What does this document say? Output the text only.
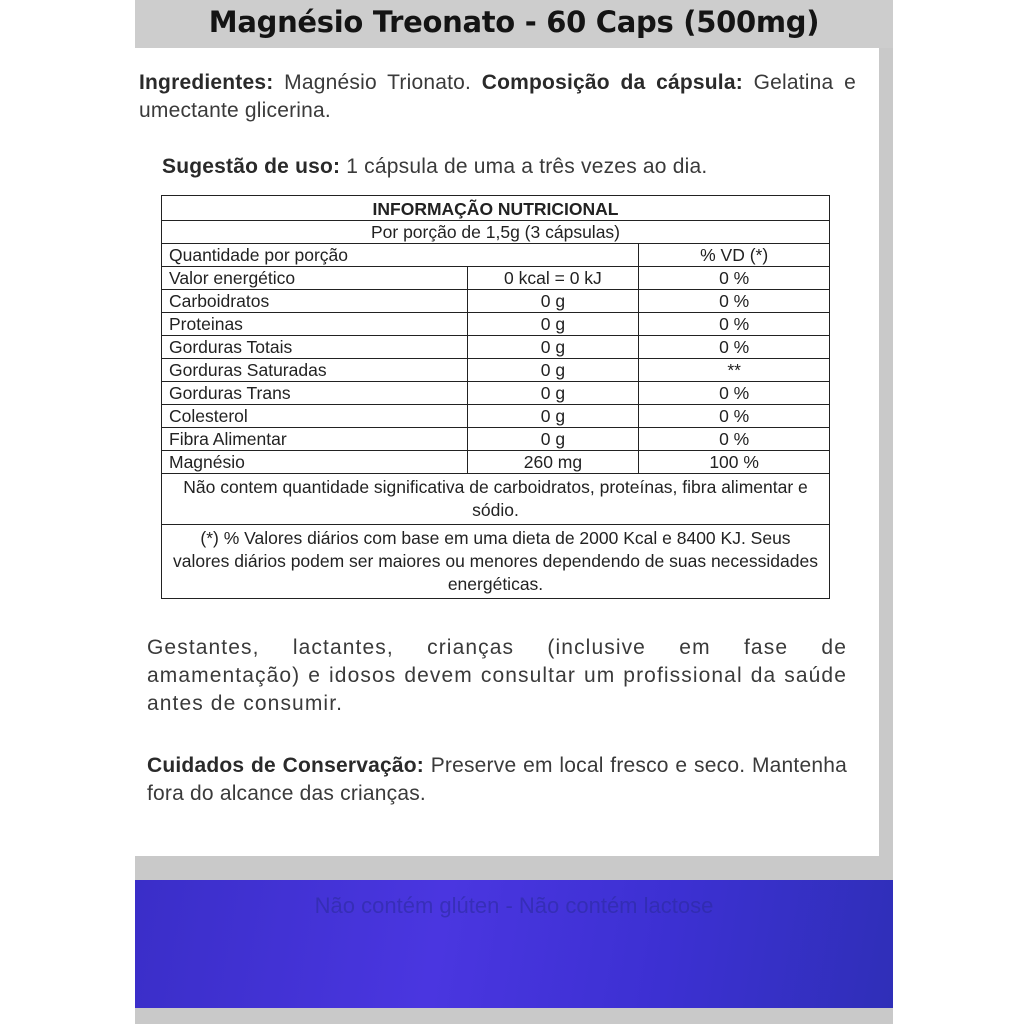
Magnésio Treonato - 60 Caps (500mg)
Ingredientes: Magnésio Trionato. Composição da cápsula: Gelatina e umectante glicerina.
Sugestão de uso: 1 cápsula de uma a três vezes ao dia.
INFORMAÇÃO NUTRICIONAL		
Por porção de 1,5g (3 cápsulas)		
Quantidade por porção		% VD (*)
Valor energético	0 kcal = 0 kJ	0 %
Carboidratos	0 g	0 %
Proteinas	0 g	0 %
Gorduras Totais	0 g	0 %
Gorduras Saturadas	0 g	**
Gorduras Trans	0 g	0 %
Colesterol	0 g	0 %
Fibra Alimentar	0 g	0 %
Magnésio	260 mg	100 %
Não contem quantidade significativa de carboidratos, proteínas, fibra alimentar e sódio.		
(*) % Valores diários com base em uma dieta de 2000 Kcal e 8400 KJ. Seus valores diários podem ser maiores ou menores dependendo de suas necessidades energéticas.		
Gestantes, lactantes, crianças (inclusive em fase de amamentação) e idosos devem consultar um profissional da saúde antes de consumir.
Cuidados de Conservação: Preserve em local fresco e seco. Mantenha fora do alcance das crianças.
Não contém glúten - Não contém lactose
